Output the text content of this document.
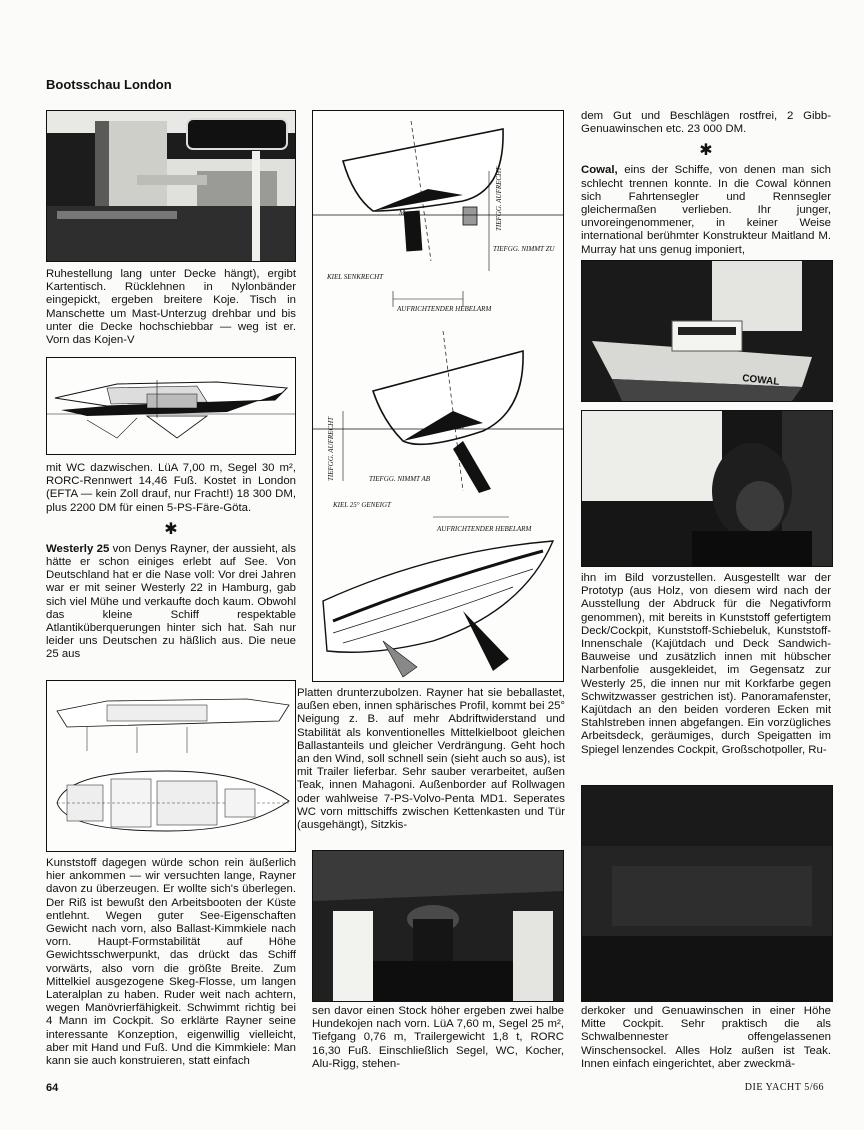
Bootsschau London

Ruhestellung lang unter Decke hängt), ergibt Kartentisch. Rücklehnen in Nylonbänder eingepickt, ergeben breitere Koje. Tisch in Manschette um Mast-Unterzug drehbar und bis unter die Decke hochschiebbar — weg ist er. Vorn das Kojen-V

mit WC dazwischen. LüA 7,00 m, Segel 30 m², RORC-Rennwert 14,46 Fuß. Kostet in London (EFTA — kein Zoll drauf, nur Fracht!) 18 300 DM, plus 2200 DM für einen 5-PS-Färe-Göta.

✱

Westerly 25 von Denys Rayner, der aussieht, als hätte er schon einiges erlebt auf See. Von Deutschland hat er die Nase voll: Vor drei Jahren war er mit seiner Westerly 22 in Hamburg, gab sich viel Mühe und verkaufte doch kaum. Obwohl das kleine Schiff respektable Atlantiküberquerungen hinter sich hat. Sah nur leider uns Deutschen zu häßlich aus. Die neue 25 aus

Kunststoff dagegen würde schon rein äußerlich hier ankommen — wir versuchten lange, Rayner davon zu überzeugen. Er wollte sich's überlegen. Der Riß ist bewußt den Arbeitsbooten der Küste entlehnt. Wegen guter See-Eigenschaften Gewicht nach vorn, also Ballast-Kimmkiele nach vorn. Haupt-Formstabilität auf Höhe Gewichtsschwerpunkt, das drückt das Schiff vorwärts, also vorn die größte Breite. Zum Mittelkiel ausgezogene Skeg-Flosse, um langen Lateralplan zu haben. Ruder weit nach achtern, wegen Manövrierfähigkeit. Schwimmt richtig bei 4 Mann im Cockpit. So erklärte Rayner seine interessante Konzeption, eigenwillig vielleicht, aber mit Hand und Fuß. Und die Kimmkiele: Man kann sie auch konstruieren, statt einfach

TIEFGG. AUFRECHT
TIEFGG. NIMMT ZU
KIEL SENKRECHT
AUFRICHTENDER HEBELARM
M
TIEFGG. AUFRECHT	TIEFGG. NIMMT AB
KIEL 25° GENEIGT
AUFRICHTENDER HEBELARM
G

Platten drunterzubolzen. Rayner hat sie beballastet, außen eben, innen sphärisches Profil, kommt bei 25° Neigung z. B. auf mehr Abdriftwiderstand und Stabilität als konventionelles Mittelkielboot gleichen Ballastanteils und gleicher Verdrängung. Geht hoch an den Wind, soll schnell sein (sieht auch so aus), ist mit Trailer lieferbar. Sehr sauber verarbeitet, außen Teak, innen Mahagoni. Außenborder auf Rollwagen oder wahlweise 7-PS-Volvo-Penta MD1. Seperates WC vorn mittschiffs zwischen Kettenkasten und Tür (ausgehängt), Sitzkis-

sen davor einen Stock höher ergeben zwei halbe Hundekojen nach vorn. LüA 7,60 m, Segel 25 m², Tiefgang 0,76 m, Trailergewicht 1,8 t, RORC 16,30 Fuß. Einschließlich Segel, WC, Kocher, Alu-Rigg, stehen-

dem Gut und Beschlägen rostfrei, 2 Gibb-Genuawinschen etc. 23 000 DM.

✱

Cowal, eins der Schiffe, von denen man sich schlecht trennen konnte. In die Cowal können sich Fahrtensegler und Rennsegler gleichermaßen verlieben. Ihr junger, unvoreingenommener, in keiner Weise international berühmter Konstrukteur Maitland M. Murray hat uns genug imponiert,

COWAL

ihn im Bild vorzustellen. Ausgestellt war der Prototyp (aus Holz, von diesem wird nach der Ausstellung der Abdruck für die Negativform genommen), mit bereits in Kunststoff gefertigtem Deck/Cockpit, Kunststoff-Schiebeluk, Kunststoff-Innenschale (Kajütdach und Deck Sandwich-Bauweise und zusätzlich innen mit hübscher Narbenfolie ausgekleidet, im Gegensatz zur Westerly 25, die innen nur mit Korkfarbe gegen Schwitzwasser gestrichen ist). Panoramafenster, Kajütdach an den beiden vorderen Ecken mit Stahlstreben innen abgefangen. Ein vorzügliches Arbeitsdeck, geräumiges, durch Speigatten im Spiegel lenzendes Cockpit, Großschotpoller, Ru-

derkoker und Genuawinschen in einer Höhe Mitte Cockpit. Sehr praktisch die als Schwalbennester offengelassenen Winschensockel. Alles Holz außen ist Teak. Innen einfach eingerichtet, aber zweckmä-

64	DIE YACHT 5/66
